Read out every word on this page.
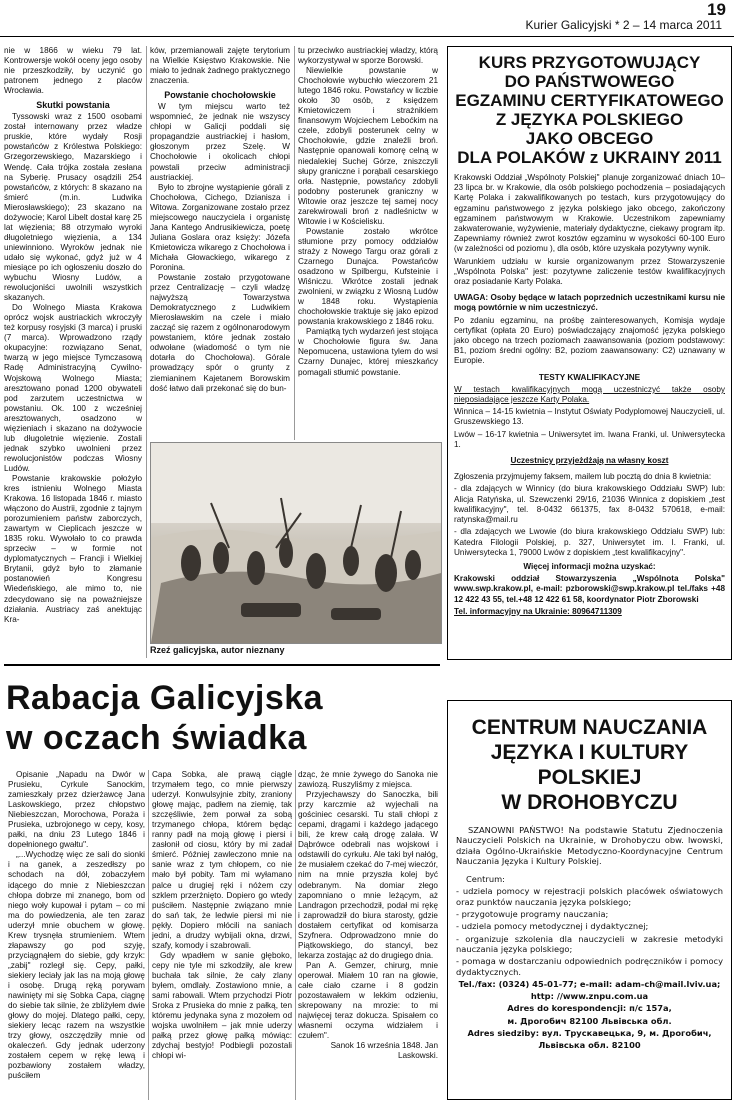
19
Kurier Galicyjski * 2 – 14 marca 2011

nie w 1866 w wieku 79 lat. Kontrowersje wokół oceny jego osoby nie przeszkodziły, by uczynić go patronem jednego z placów Wrocławia.

Skutki powstania

Tyssowski wraz z 1500 osobami został internowany przez władze pruskie, które wydały Rosji powstańców z Królestwa Polskiego: Grzegorzewskiego, Mazarskiego i Wendę. Cała trójka została zesłana na Syberię. Prusacy osądzili 254 powstańców, z których: 8 skazano na śmierć (m.in. Ludwika Mierosławskiego); 23 skazano na dożywocie; Karol Libelt dostał karę 25 lat więzienia; 88 otrzymało wyroki długoletniego więzienia, a 134 uniewinniono. Wyroków jednak nie udało się wykonać, gdyż już w 4 miesiące po ich ogłoszeniu doszło do wybuchu Wiosny Ludów, a rewolucjoniści uwolnili wszystkich skazanych.

Do Wolnego Miasta Krakowa oprócz wojsk austriackich wkroczyły też korpusy rosyjski (3 marca) i pruski (7 marca). Wprowadzono rządy okupacyjne: rozwiązano Senat, twarzą w jego miejsce Tymczasową Radę Administracyjną Cywilno-Wojskową Wolnego Miasta; aresztowano ponad 1200 obywateli pod zarzutem uczestnictwa w powstaniu. Ok. 100 z wcześniej aresztowanych, osadzono w więzieniach i skazano na dożywocie lub długoletnie więzienie. Zostali jednak szybko uwolnieni przez rewolucjonistów podczas Wiosny Ludów.

Powstanie krakowskie położyło kres istnieniu Wolnego Miasta Krakowa. 16 listopada 1846 r. miasto włączono do Austrii, zgodnie z tajnym porozumieniem państw zaborczych, zawartym w Cieplicach jeszcze w 1835 roku. Wywołało to co prawda sprzeciw – w formie not dyplomatycznych – Francji i Wielkiej Brytanii, gdyż było to złamanie postanowień Kongresu Wiedeńskiego, ale mimo to, nie zdecydowano się na poważniejsze działania. Austriacy zaś anektując Kra-

ków, przemianowali zajęte terytorium na Wielkie Księstwo Krakowskie. Nie miało to jednak żadnego praktycznego znaczenia.

Powstanie chochołowskie

W tym miejscu warto też wspomnieć, że jednak nie wszyscy chłopi w Galicji poddali się propagandzie austriackiej i hasłom, głoszonym przez Szelę. W Chochołowie i okolicach chłopi powstali przeciw administracji austriackiej.

Było to zbrojne wystąpienie górali z Chochołowa, Cichego, Dzianisza i Witowa. Zorganizowane zostało przez miejscowego nauczyciela i organistę Jana Kantego Andrusikiewicza, poetę Juliana Goslara oraz księży: Józefa Kmietowicza wikarego z Chochołowa i Michała Głowackiego, wikarego z Poronina.

Powstanie zostało przygotowane przez Centralizację – czyli władzę najwyższą Towarzystwa Demokratycznego z Ludwikiem Mierosławskim na czele i miało zacząć się razem z ogólnonarodowym powstaniem, które jednak zostało odwołane (wiadomość o tym nie dotarła do Chochołowa). Górale prowadzący spór o grunty z ziemianinem Kajetanem Borowskim dość łatwo dali przekonać się do bun-

tu przeciwko austriackiej władzy, którą wykorzystywał w sporze Borowski.

Niewielkie powstanie w Chochołowie wybuchło wieczorem 21 lutego 1846 roku. Powstańcy w liczbie około 30 osób, z księdzem Kmietowiczem i strażnikiem finansowym Wojciechem Leboćkim na czele, zdobyli posterunek celny w Chochołowie, gdzie znaleźli broń. Następnie opanowali komorę celną w niedalekiej Suchej Górze, zniszczyli słupy graniczne i porąbali cesarskiego orła. Następnie, powstańcy zdobyli podobny posterunek graniczny w Witowie oraz jeszcze tej samej nocy zarekwirowali broń z nadleśnictw w Witowie i w Kościelisku.

Powstanie zostało wkrótce stłumione przy pomocy oddziałów straży z Nowego Targu oraz górali z Czarnego Dunajca. Powstańców osadzono w Spilbergu, Kufsteinie i Wiśniczu. Wkrótce zostali jednak zwolnieni, w związku z Wiosną Ludów w 1848 roku. Wystąpienia chochołowskie traktuje się jako epizod powstania krakowskiego z 1846 roku.

Pamiątką tych wydarzeń jest stojąca w Chochołowie figura św. Jana Nepomucena, ustawiona tylem do wsi Czarny Dunajec, której mieszkańcy pomagali stłumić powstanie.

Rzeź galicyjska, autor nieznany
Rabacja Galicyjska
w oczach świadka

Opisanie „Napadu na Dwór w Prusieku, Cyrkule Sanockim, zamieszkały przez dzierżawcę Jana Laskowskiego, przez chłopstwo Niebieszczan, Morochowa, Poraża i Prusieka, uzbrojonego w cepy, kosy, pałki, na dniu 23 Lutego 1846 i dopełnionego gwałtu".

„...Wychodzę więc ze sali do sionki i na ganek, a zeszedłszy po schodach na dół, zobaczyłem idącego do mnie z Niebieszczan chłopa dobrze mi znanego, bom od niego woły kupował i pytam – co mi ma do powiedzenia, ale ten zaraz uderzył mnie obuchem w głowę. Krew trysnęła strumieniem. Wtem złapawszy go pod szyję, przyciągnąłem do siebie, gdy krzyk: „zabij" rozległ się. Cepy, pałki, siekiery leciały jak las na moją głowę i osobę. Drugą ręką porywam nawinięty mi się Sobka Capa, ciągnę do siebie tak silnie, że zbliżyłem dwie głowy do mojej. Dlatego pałki, cepy, siekiery lecąc razem na wszystkie trzy głowy, oszczędziły mnie od okaleczeń. Gdy jednak uderzony zostałem cepem w rękę lewą i pozbawiony zostałem władzy, puściłem

Capa Sobka, ale prawą ciągle trzymałem tego, co mnie pierwszy uderzył. Konwulsyjnie zbity, zraniony głowę mając, padłem na ziemię, tak szczęśliwie, żem porwał za sobą trzymanego chłopa, którem będąc ranny padł na moją głowę i piersi i zasłonił od ciosu, który by mi zadał śmierć. Później zawleczono mnie na sanie wraz z tym chłopem, co nie mało był pobity. Tam mi wyłamano palce u drugiej ręki i nóżem czy szklem przerżnięto. Dopiero go wtedy puściłem. Następnie związano mnie do sań tak, że ledwie piersi mi nie pękły. Dopiero młócili na saniach jedni, a drudzy wybijali okna, drzwi, szafy, komody i szabrowali.

Gdy wpadłem w sanie głęboko, cepy nie tyle mi szkodziły, ale krew buchała tak silnie, że cały zlany byłem, omdlały. Zostawiono mnie, a sami rabowali. Wtem przychodzi Piotr Sroka z Prusieka do mnie z pałką, ten któremu jedynaka syna z mozołem od wojska uwolniłem – jak mnie uderzy pałką przez głowę pałką mówiąc: zdychaj bestyjo! Podbiegli pozostali chłopi wi-

dząc, że mnie żywego do Sanoka nie zawiozą. Ruszyliśmy z miejsca.

Przyjechawszy do Sanoczka, bili przy karczmie aż wyjechali na gościniec cesarski. Tu stali chłopi z cepami, drągami i każdego jadącego bili, że krew całą drogę zalała. W Dąbrówce odebrali nas wojskowi i odstawili do cyrkułu. Ale taki był nałóg, że musiałem czekać do 7-mej wieczór, nim na mnie przyszła kolej być odebranym. Na domiar złego zapomniano o mnie leżącym, aż Landragon przechodził, podał mi rękę i zaprowadził do biura starosty, gdzie dostałem certyfikat od komisarza Szyfnera. Odprowadzono mnie do Piątkowskiego, do stancyi, bez lekarza zostając aż do drugiego dnia.

Pan A. Gemzer, chirurg, mnie operował. Miałem 10 ran na głowie, całe ciało czarne i 8 godzin pozostawałem w lekkim odzieniu, skrepowany na mrozie: to mi najwięcej teraz dokucza. Spisałem co własnemi oczyma widziałem i czułem".

Sanok 16 września 1848. Jan Laskowski.

KURS PRZYGOTOWUJĄCY
DO PAŃSTWOWEGO
EGZAMINU CERTYFIKATOWEGO
Z JĘZYKA POLSKIEGO
JAKO OBCEGO
DLA POLAKÓW z UKRAINY 2011

Krakowski Oddział „Wspólnoty Polskiej" planuje zorganizować dniach 10–23 lipca br. w Krakowie, dla osób polskiego pochodzenia – posiadających Kartę Polaka i zakwalifikowanych po testach, kurs przygotowujący do egzaminu państwowego z języka polskiego jako obcego, zakończony egzaminem państwowym w Krakowie. Uczestnikom zapewniamy zakwaterowanie, wyżywienie, materiały dydaktyczne, ciekawy program itp. Zapewniamy również zwrot kosztów egzaminu w wysokości 60-100 Euro (w zależności od poziomu ), dla osób, które uzyskała pozytywny wynik.

Warunkiem udziału w kursie organizowanym przez Stowarzyszenie „Wspólnota Polska" jest: pozytywne zaliczenie testów kwalifikacyjnych oraz posiadanie Karty Polaka.

UWAGA: Osoby będące w latach poprzednich uczestnikami kursu nie mogą powtórnie w nim uczestniczyć.

Po zdaniu egzaminu, na prośbę zainteresowanych, Komisja wydaje certyfikat (opłata 20 Euro) poświadczający znajomość języka polskiego jako obcego na trzech poziomach zaawansowania (poziom podstawowy: B1, poziom średni ogólny: B2, poziom zaawansowany: C2) uznawany w Europie.

TESTY KWALIFIKACYJNE

W testach kwalifikacyjnych mogą uczestniczyć także osoby nieposiadające jeszcze Karty Polaka.

Winnica – 14-15 kwietnia – Instytut Oświaty Podyplomowej Nauczycieli, ul. Gruszewskiego 13.

Lwów – 16-17 kwietnia – Uniwersytet im. Iwana Franki, ul. Uniwersytecka 1.

Uczestnicy przyjeżdżają na własny koszt

Zgłoszenia przyjmujemy faksem, mailem lub pocztą do dnia 8 kwietnia:

- dla zdających w Winnicy (do biura krakowskiego Oddziału SWP) lub: Alicja Ratyńska, ul. Szewczenki 29/16, 21036 Winnica z dopiskiem „test kwalifikacyjny", tel. 8-0432 661375, fax 8-0432 570618, e-mail: ratynska@mail.ru

- dla zdających we Lwowie (do biura krakowskiego Oddziału SWP) lub: Katedra Filologii Polskiej, p. 327, Uniwersytet im. I. Franki, ul. Uniwersytecka 1, 79000 Lwów z dopiskiem „test kwalifikacyjny".

Więcej informacji można uzyskać:

Krakowski oddział Stowarzyszenia „Wspólnota Polska" www.swp.krakow.pl, e-mail: pzborowski@swp.krakow.pl tel./faks +48 12 422 43 55, tel.+48 12 422 61 58, koordynator Piotr Zborowski

Tel. informacyjny na Ukrainie: 80964711309

CENTRUM NAUCZANIA
JĘZYKA I KULTURY
POLSKIEJ
W DROHOBYCZU

SZANOWNI PAŃSTWO! Na podstawie Statutu Zjednoczenia Nauczycieli Polskich na Ukrainie, w Drohobyczu obw. lwowski, działa Ogólno-Ukraińskie Metodyczno-Koordynacyjne Centrum Nauczania Języka i Kultury Polskiej.

Centrum:

- udziela pomocy w rejestracji polskich placówek oświatowych oraz punktów nauczania języka polskiego;

- przygotowuje programy nauczania;

- udziela pomocy metodycznej i dydaktycznej;

- organizuje szkolenia dla nauczycieli w zakresie metodyki nauczania języka polskiego;

- pomaga w dostarczaniu odpowiednich podręczników i pomocy dydaktycznych.

Tel./fax: (0324) 45-01-77; e-mail: adam-ch@mail.lviv.ua;

http: //www.znpu.com.ua

Adres do korespondencji: п/с 157а,

м. Дрогобич 82100 Львівська обл.

Adres siedziby: вул. Трускавецька, 9, м. Дрогобич,

Львівська обл. 82100
